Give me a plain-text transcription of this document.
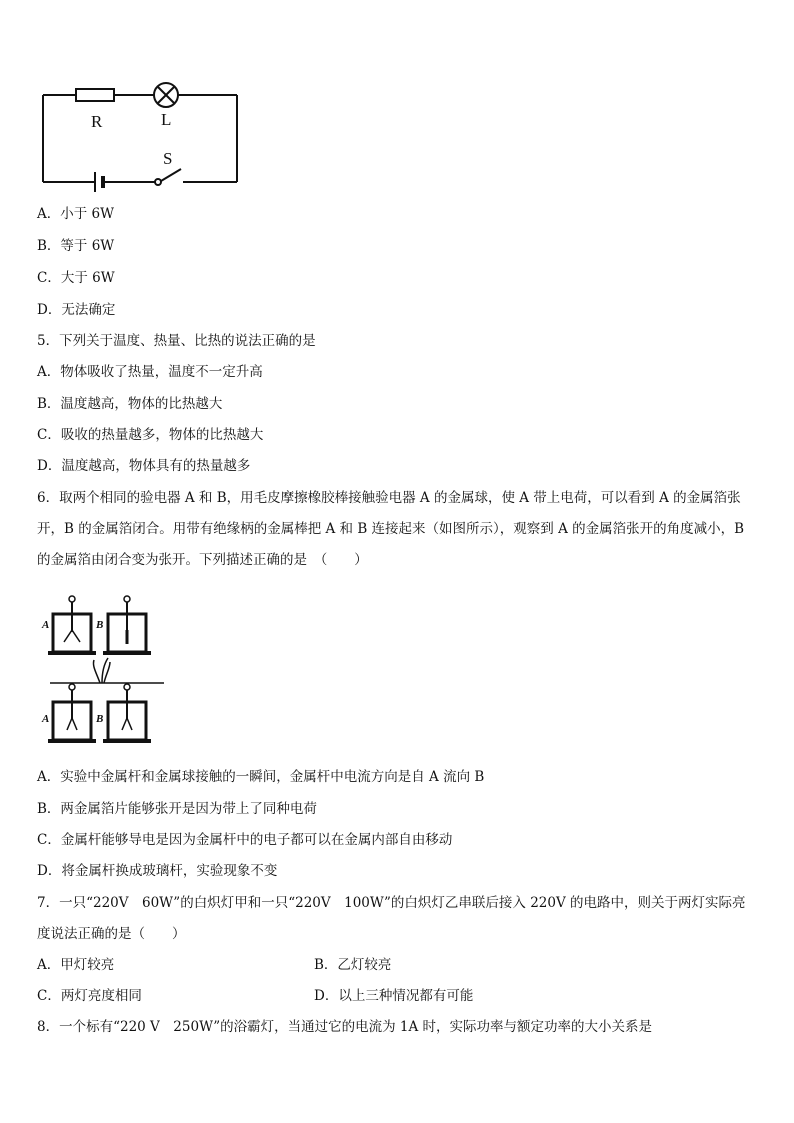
R	L
S
A．小于 6W
B．等于 6W
C．大于 6W
D．无法确定
5．下列关于温度、热量、比热的说法正确的是
A．物体吸收了热量，温度不一定升高
B．温度越高，物体的比热越大
C．吸收的热量越多，物体的比热越大
D．温度越高，物体具有的热量越多
6．取两个相同的验电器 A 和 B，用毛皮摩擦橡胶棒接触验电器 A 的金属球，使 A 带上电荷，可以看到 A 的金属箔张
开，B 的金属箔闭合。用带有绝缘柄的金属棒把 A 和 B 连接起来（如图所示），观察到 A 的金属箔张开的角度减小，B
的金属箔由闭合变为张开。下列描述正确的是　（　　）
A	B
A	B
A．实验中金属杆和金属球接触的一瞬间，金属杆中电流方向是自 A 流向 B
B．两金属箔片能够张开是因为带上了同种电荷
C．金属杆能够导电是因为金属杆中的电子都可以在金属内部自由移动
D．将金属杆换成玻璃杆，实验现象不变
7．一只“220V　60W”的白炽灯甲和一只“220V　100W”的白炽灯乙串联后接入 220V 的电路中，则关于两灯实际亮
度说法正确的是（　　）
A．甲灯较亮	B．乙灯较亮
C．两灯亮度相同	D．以上三种情况都有可能
8．一个标有“220 V　250W”的浴霸灯，当通过它的电流为 1A 时，实际功率与额定功率的大小关系是
